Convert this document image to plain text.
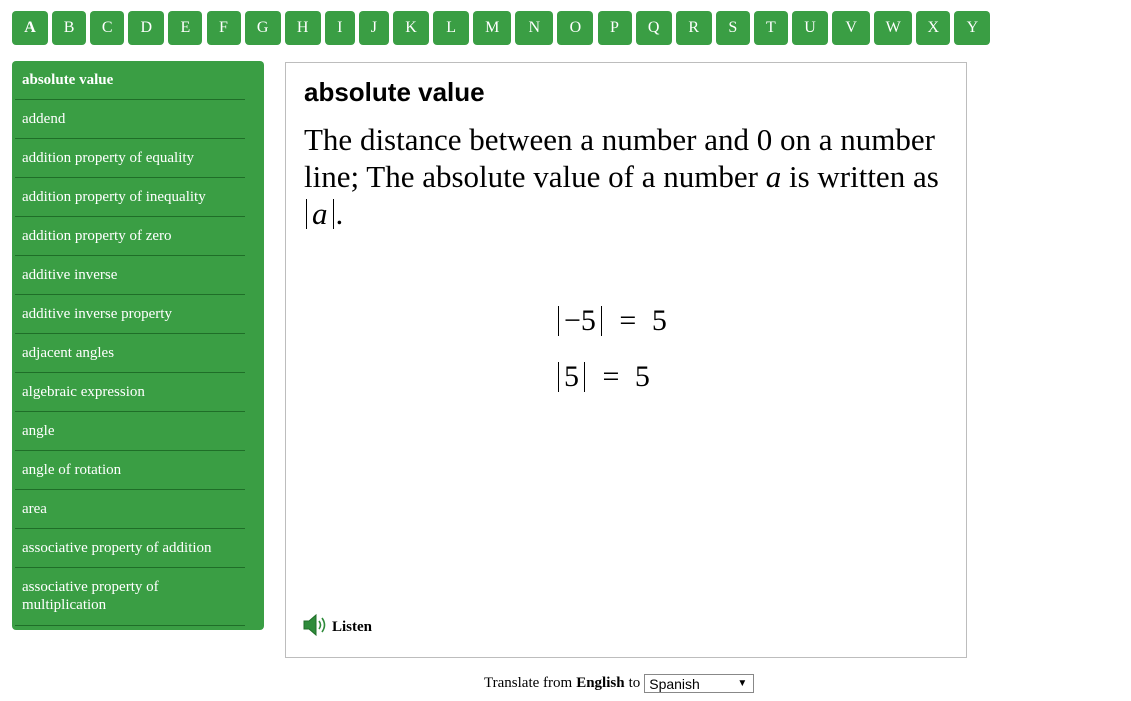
A	B	C	D	E	F	G	H	I	J	K	L	M	N	O	P	Q	R	S	T	U	V	W	X	Y
absolute value
addend
addition property of equality
addition property of inequality
addition property of zero
additive inverse
additive inverse property
adjacent angles
algebraic expression
angle
angle of rotation
area
associative property of addition
associative property of multiplication
absolute value
The distance between a number and 0 on a number line; The absolute value of a number a is written as a .
−5 = 5
5 = 5
Listen
Translate from English to Spanish	▼
